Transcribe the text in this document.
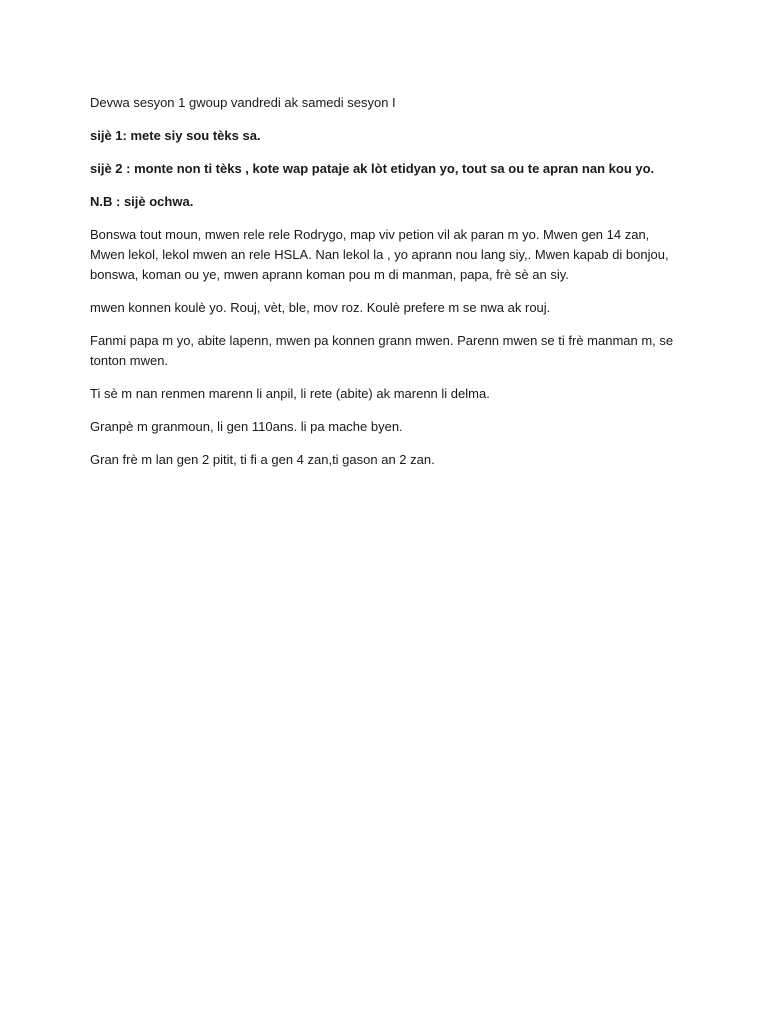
Devwa sesyon 1 gwoup vandredi ak samedi sesyon I

sijè 1: mete siy sou tèks sa.

sijè 2 : monte non ti tèks , kote wap pataje ak lòt etidyan yo, tout sa ou te apran nan kou yo.

N.B : sijè ochwa.

Bonswa tout moun, mwen rele rele Rodrygo, map viv petion vil ak paran m yo. Mwen gen 14 zan, Mwen lekol, lekol mwen an rele HSLA. Nan lekol la , yo aprann nou lang siy,. Mwen kapab di bonjou, bonswa, koman ou ye, mwen aprann koman pou m di manman, papa, frè sè an siy.

mwen konnen koulè yo. Rouj, vèt, ble, mov roz. Koulè prefere m se nwa ak rouj.

Fanmi papa m yo, abite lapenn, mwen pa konnen grann mwen. Parenn mwen se ti frè manman m, se tonton mwen.

Ti sè m nan renmen marenn li anpil, li rete (abite) ak marenn li delma.

Granpè m granmoun, li gen 110ans. li pa mache byen.

Gran frè m lan gen 2 pitit, ti fi a gen 4 zan,ti gason an 2 zan.
